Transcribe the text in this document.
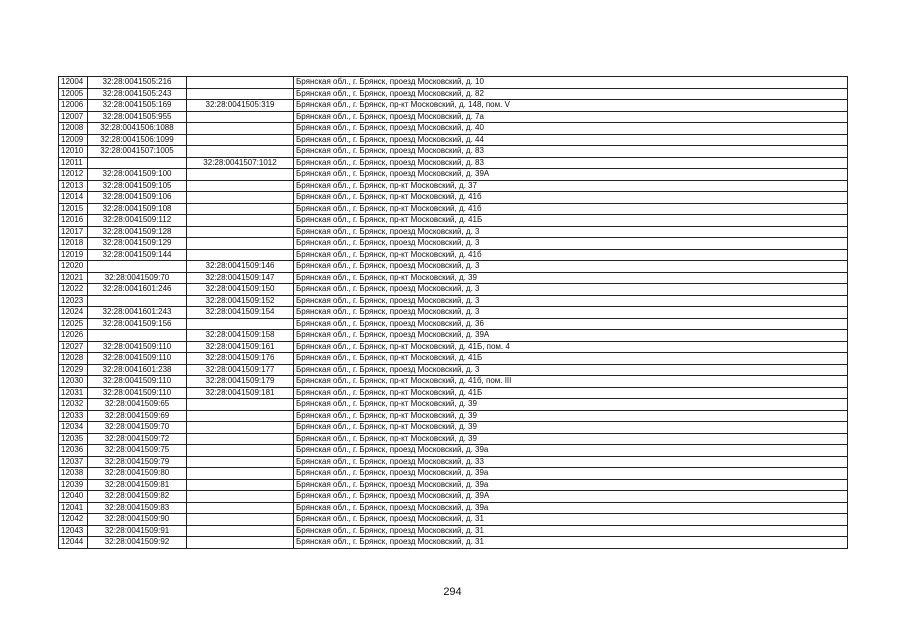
12004	32:28:0041505:216		Брянская обл., г. Брянск, проезд Московский, д. 10
12005	32:28:0041505:243		Брянская обл., г. Брянск, проезд Московский, д. 82
12006	32:28:0041505:169	32:28:0041505:319	Брянская обл., г. Брянск, пр-кт Московский, д. 148, пом. V
12007	32:28:0041505:955		Брянская обл., г. Брянск, проезд Московский, д. 7а
12008	32:28:0041506:1088		Брянская обл., г. Брянск, проезд Московский, д. 40
12009	32:28:0041506:1099		Брянская обл., г. Брянск, проезд Московский, д. 44
12010	32:28:0041507:1005		Брянская обл., г. Брянск, проезд Московский, д. 83
12011		32:28:0041507:1012	Брянская обл., г. Брянск, проезд Московский, д. 83
12012	32:28:0041509:100		Брянская обл., г. Брянск, проезд Московский, д. 39А
12013	32:28:0041509:105		Брянская обл., г. Брянск, пр-кт Московский, д. 37
12014	32:28:0041509:106		Брянская обл., г. Брянск, пр-кт Московский, д. 41б
12015	32:28:0041509:108		Брянская обл., г. Брянск, пр-кт Московский, д. 41б
12016	32:28:0041509:112		Брянская обл., г. Брянск, пр-кт Московский, д. 41Б
12017	32:28:0041509:128		Брянская обл., г. Брянск, проезд Московский, д. 3
12018	32:28:0041509:129		Брянская обл., г. Брянск, проезд Московский, д. 3
12019	32:28:0041509:144		Брянская обл., г. Брянск, пр-кт Московский, д. 41б
12020		32:28:0041509:146	Брянская обл., г. Брянск, проезд Московский, д. 3
12021	32:28:0041509:70	32:28:0041509:147	Брянская обл., г. Брянск, пр-кт Московский, д. 39
12022	32:28:0041601:246	32:28:0041509:150	Брянская обл., г. Брянск, проезд Московский, д. 3
12023		32:28:0041509:152	Брянская обл., г. Брянск, проезд Московский, д. 3
12024	32:28:0041601:243	32:28:0041509:154	Брянская обл., г. Брянск, проезд Московский, д. 3
12025	32:28:0041509:156		Брянская обл., г. Брянск, проезд Московский, д. 36
12026		32:28:0041509:158	Брянская обл., г. Брянск, проезд Московский, д. 39А
12027	32:28:0041509:110	32:28:0041509:161	Брянская обл., г. Брянск, пр-кт Московский, д. 41Б, пом. 4
12028	32:28:0041509:110	32:28:0041509:176	Брянская обл., г. Брянск, пр-кт Московский, д. 41Б
12029	32:28:0041601:238	32:28:0041509:177	Брянская обл., г. Брянск, проезд Московский, д. 3
12030	32:28:0041509:110	32:28:0041509:179	Брянская обл., г. Брянск, пр-кт Московский, д. 41б, пом. III
12031	32:28:0041509:110	32:28:0041509:181	Брянская обл., г. Брянск, пр-кт Московский, д. 41Б
12032	32:28:0041509:65		Брянская обл., г. Брянск, пр-кт Московский, д. 39
12033	32:28:0041509:69		Брянская обл., г. Брянск, пр-кт Московский, д. 39
12034	32:28:0041509:70		Брянская обл., г. Брянск, пр-кт Московский, д. 39
12035	32:28:0041509:72		Брянская обл., г. Брянск, пр-кт Московский, д. 39
12036	32:28:0041509:75		Брянская обл., г. Брянск, проезд Московский, д. 39а
12037	32:28:0041509:79		Брянская обл., г. Брянск, проезд Московский, д. 33
12038	32:28:0041509:80		Брянская обл., г. Брянск, проезд Московский, д. 39а
12039	32:28:0041509:81		Брянская обл., г. Брянск, проезд Московский, д. 39а
12040	32:28:0041509:82		Брянская обл., г. Брянск, проезд Московский, д. 39А
12041	32:28:0041509:83		Брянская обл., г. Брянск, проезд Московский, д. 39а
12042	32:28:0041509:90		Брянская обл., г. Брянск, проезд Московский, д. 31
12043	32:28:0041509:91		Брянская обл., г. Брянск, проезд Московский, д. 31
12044	32:28:0041509:92		Брянская обл., г. Брянск, проезд Московский, д. 31
294
